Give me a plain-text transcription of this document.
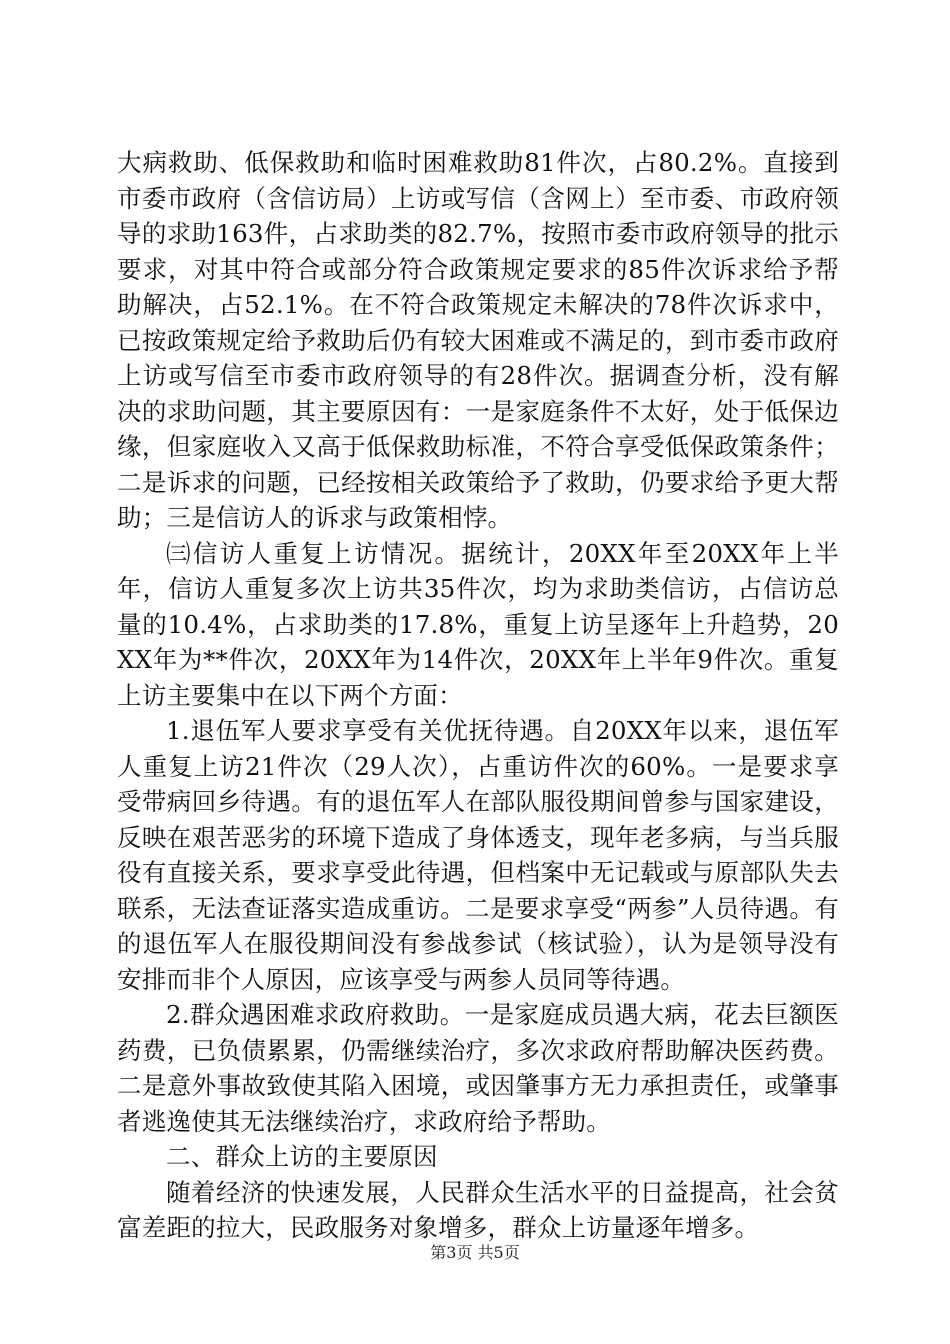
大病救助、低保救助和临时困难救助81件次，占80.2%。直接到市委市政府（含信访局）上访或写信（含网上）至市委、市政府领导的求助163件，占求助类的82.7%，按照市委市政府领导的批示要求，对其中符合或部分符合政策规定要求的85件次诉求给予帮助解决，占52.1%。在不符合政策规定未解决的78件次诉求中，已按政策规定给予救助后仍有较大困难或不满足的，到市委市政府上访或写信至市委市政府领导的有28件次。据调查分析，没有解决的求助问题，其主要原因有：一是家庭条件不太好，处于低保边缘，但家庭收入又高于低保救助标准，不符合享受低保政策条件；二是诉求的问题，已经按相关政策给予了救助，仍要求给予更大帮助；三是信访人的诉求与政策相悖。

㈢信访人重复上访情况。据统计，20XX年至20XX年上半年，信访人重复多次上访共35件次，均为求助类信访，占信访总量的10.4%，占求助类的17.8%，重复上访呈逐年上升趋势，20XX年为**件次，20XX年为14件次，20XX年上半年9件次。重复上访主要集中在以下两个方面：

1.退伍军人要求享受有关优抚待遇。自20XX年以来，退伍军人重复上访21件次（29人次），占重访件次的60%。一是要求享受带病回乡待遇。有的退伍军人在部队服役期间曾参与国家建设，反映在艰苦恶劣的环境下造成了身体透支，现年老多病，与当兵服役有直接关系，要求享受此待遇，但档案中无记载或与原部队失去联系，无法查证落实造成重访。二是要求享受“两参”人员待遇。有的退伍军人在服役期间没有参战参试（核试验），认为是领导没有安排而非个人原因，应该享受与两参人员同等待遇。

2.群众遇困难求政府救助。一是家庭成员遇大病，花去巨额医药费，已负债累累，仍需继续治疗，多次求政府帮助解决医药费。二是意外事故致使其陷入困境，或因肇事方无力承担责任，或肇事者逃逸使其无法继续治疗，求政府给予帮助。

二、群众上访的主要原因

随着经济的快速发展，人民群众生活水平的日益提高，社会贫富差距的拉大，民政服务对象增多，群众上访量逐年增多。

第3页 共5页
